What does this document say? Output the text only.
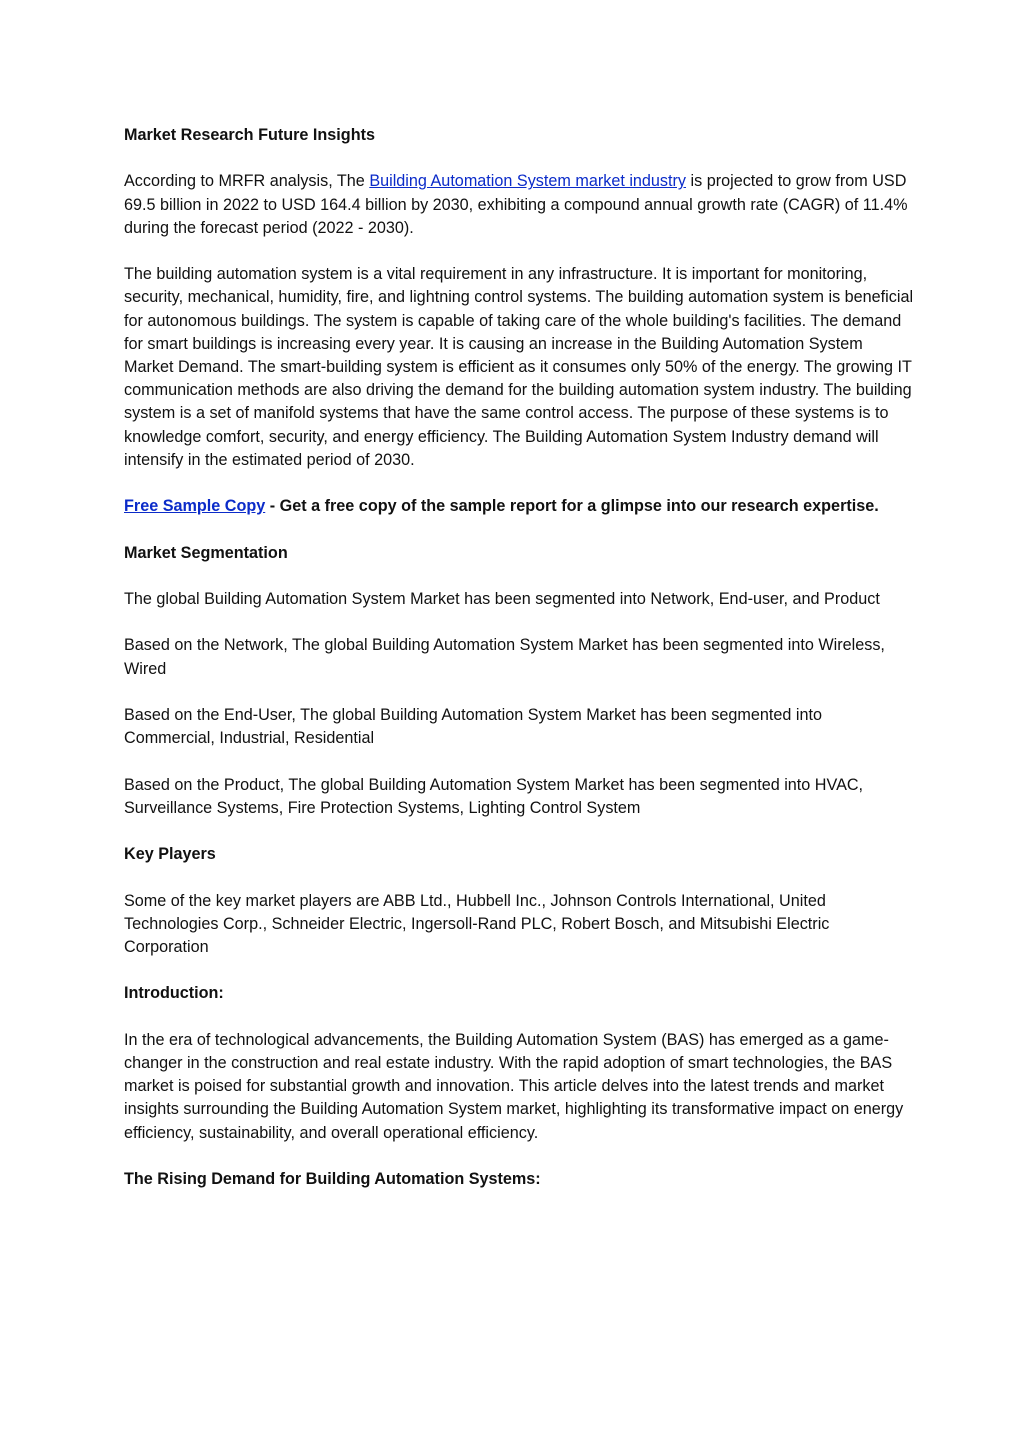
Market Research Future Insights

According to MRFR analysis, The Building Automation System market industry is projected to grow from USD 69.5 billion in 2022 to USD 164.4 billion by 2030, exhibiting a compound annual growth rate (CAGR) of 11.4% during the forecast period (2022 - 2030).

The building automation system is a vital requirement in any infrastructure. It is important for monitoring, security, mechanical, humidity, fire, and lightning control systems. The building automation system is beneficial for autonomous buildings. The system is capable of taking care of the whole building's facilities. The demand for smart buildings is increasing every year. It is causing an increase in the Building Automation System Market Demand. The smart-building system is efficient as it consumes only 50% of the energy. The growing IT communication methods are also driving the demand for the building automation system industry. The building system is a set of manifold systems that have the same control access. The purpose of these systems is to knowledge comfort, security, and energy efficiency. The Building Automation System Industry demand will intensify in the estimated period of 2030.

Free Sample Copy - Get a free copy of the sample report for a glimpse into our research expertise.

Market Segmentation

The global Building Automation System Market has been segmented into Network, End-user, and Product

Based on the Network, The global Building Automation System Market has been segmented into Wireless, Wired

Based on the End-User, The global Building Automation System Market has been segmented into Commercial, Industrial, Residential

Based on the Product, The global Building Automation System Market has been segmented into HVAC, Surveillance Systems, Fire Protection Systems, Lighting Control System

Key Players

Some of the key market players are ABB Ltd., Hubbell Inc., Johnson Controls International, United Technologies Corp., Schneider Electric, Ingersoll-Rand PLC, Robert Bosch, and Mitsubishi Electric Corporation

Introduction:

In the era of technological advancements, the Building Automation System (BAS) has emerged as a game-changer in the construction and real estate industry. With the rapid adoption of smart technologies, the BAS market is poised for substantial growth and innovation. This article delves into the latest trends and market insights surrounding the Building Automation System market, highlighting its transformative impact on energy efficiency, sustainability, and overall operational efficiency.

The Rising Demand for Building Automation Systems:
